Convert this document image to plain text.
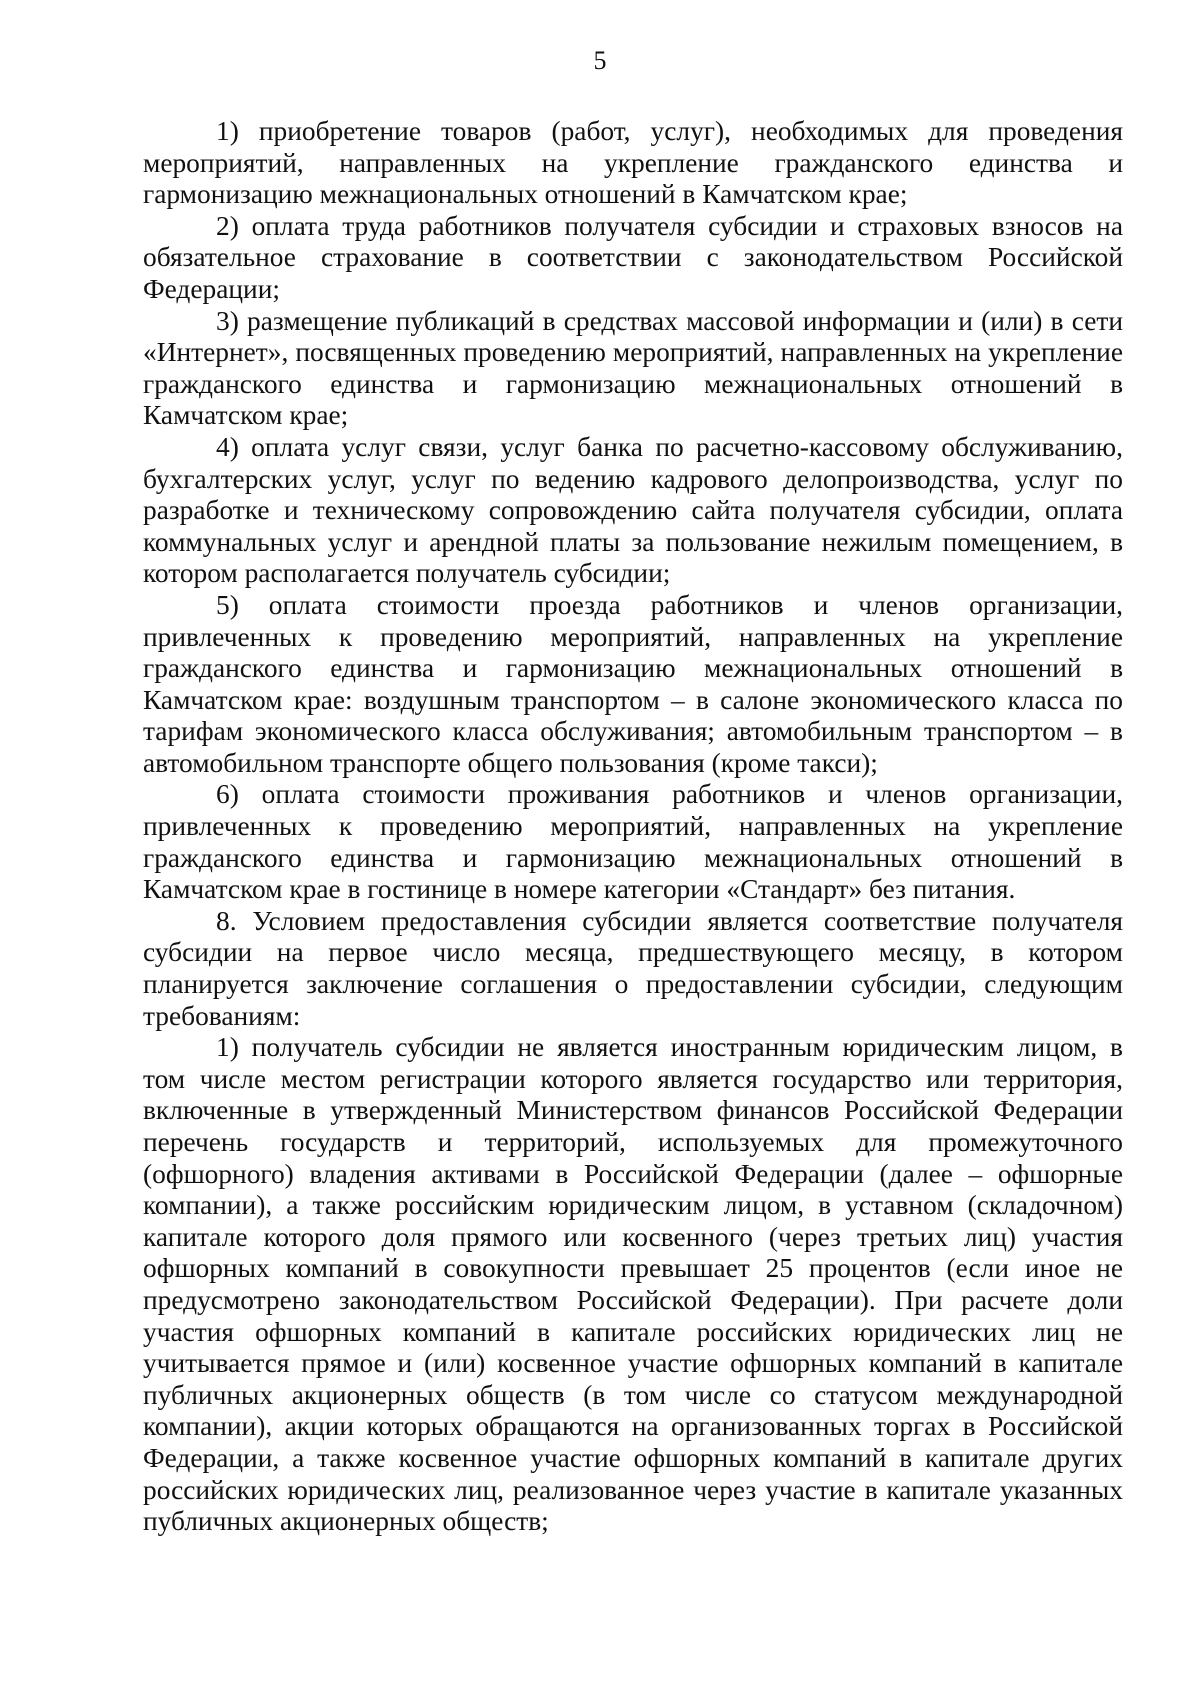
5

1) приобретение товаров (работ, услуг), необходимых для проведения мероприятий, направленных на укрепление гражданского единства и гармонизацию межнациональных отношений в Камчатском крае;

2) оплата труда работников получателя субсидии и страховых взносов на обязательное страхование в соответствии с законодательством Российской Федерации;

3) размещение публикаций в средствах массовой информации и (или) в сети «Интернет», посвященных проведению мероприятий, направленных на укрепление гражданского единства и гармонизацию межнациональных отношений в Камчатском крае;

4) оплата услуг связи, услуг банка по расчетно-кассовому обслуживанию, бухгалтерских услуг, услуг по ведению кадрового делопроизводства, услуг по разработке и техническому сопровождению сайта получателя субсидии, оплата коммунальных услуг и арендной платы за пользование нежилым помещением, в котором располагается получатель субсидии;

5) оплата стоимости проезда работников и членов организации, привлеченных к проведению мероприятий, направленных на укрепление гражданского единства и гармонизацию межнациональных отношений в Камчатском крае: воздушным транспортом – в салоне экономического класса по тарифам экономического класса обслуживания; автомобильным транспортом – в автомобильном транспорте общего пользования (кроме такси);

6) оплата стоимости проживания работников и членов организации, привлеченных к проведению мероприятий, направленных на укрепление гражданского единства и гармонизацию межнациональных отношений в Камчатском крае в гостинице в номере категории «Стандарт» без питания.

8. Условием предоставления субсидии является соответствие получателя субсидии на первое число месяца, предшествующего месяцу, в котором планируется заключение соглашения о предоставлении субсидии, следующим требованиям:

1) получатель субсидии не является иностранным юридическим лицом, в том числе местом регистрации которого является государство или территория, включенные в утвержденный Министерством финансов Российской Федерации перечень государств и территорий, используемых для промежуточного (офшорного) владения активами в Российской Федерации (далее – офшорные компании), а также российским юридическим лицом, в уставном (складочном) капитале которого доля прямого или косвенного (через третьих лиц) участия офшорных компаний в совокупности превышает 25 процентов (если иное не предусмотрено законодательством Российской Федерации). При расчете доли участия офшорных компаний в капитале российских юридических лиц не учитывается прямое и (или) косвенное участие офшорных компаний в капитале публичных акционерных обществ (в том числе со статусом международной компании), акции которых обращаются на организованных торгах в Российской Федерации, а также косвенное участие офшорных компаний в капитале других российских юридических лиц, реализованное через участие в капитале указанных публичных акционерных обществ;
